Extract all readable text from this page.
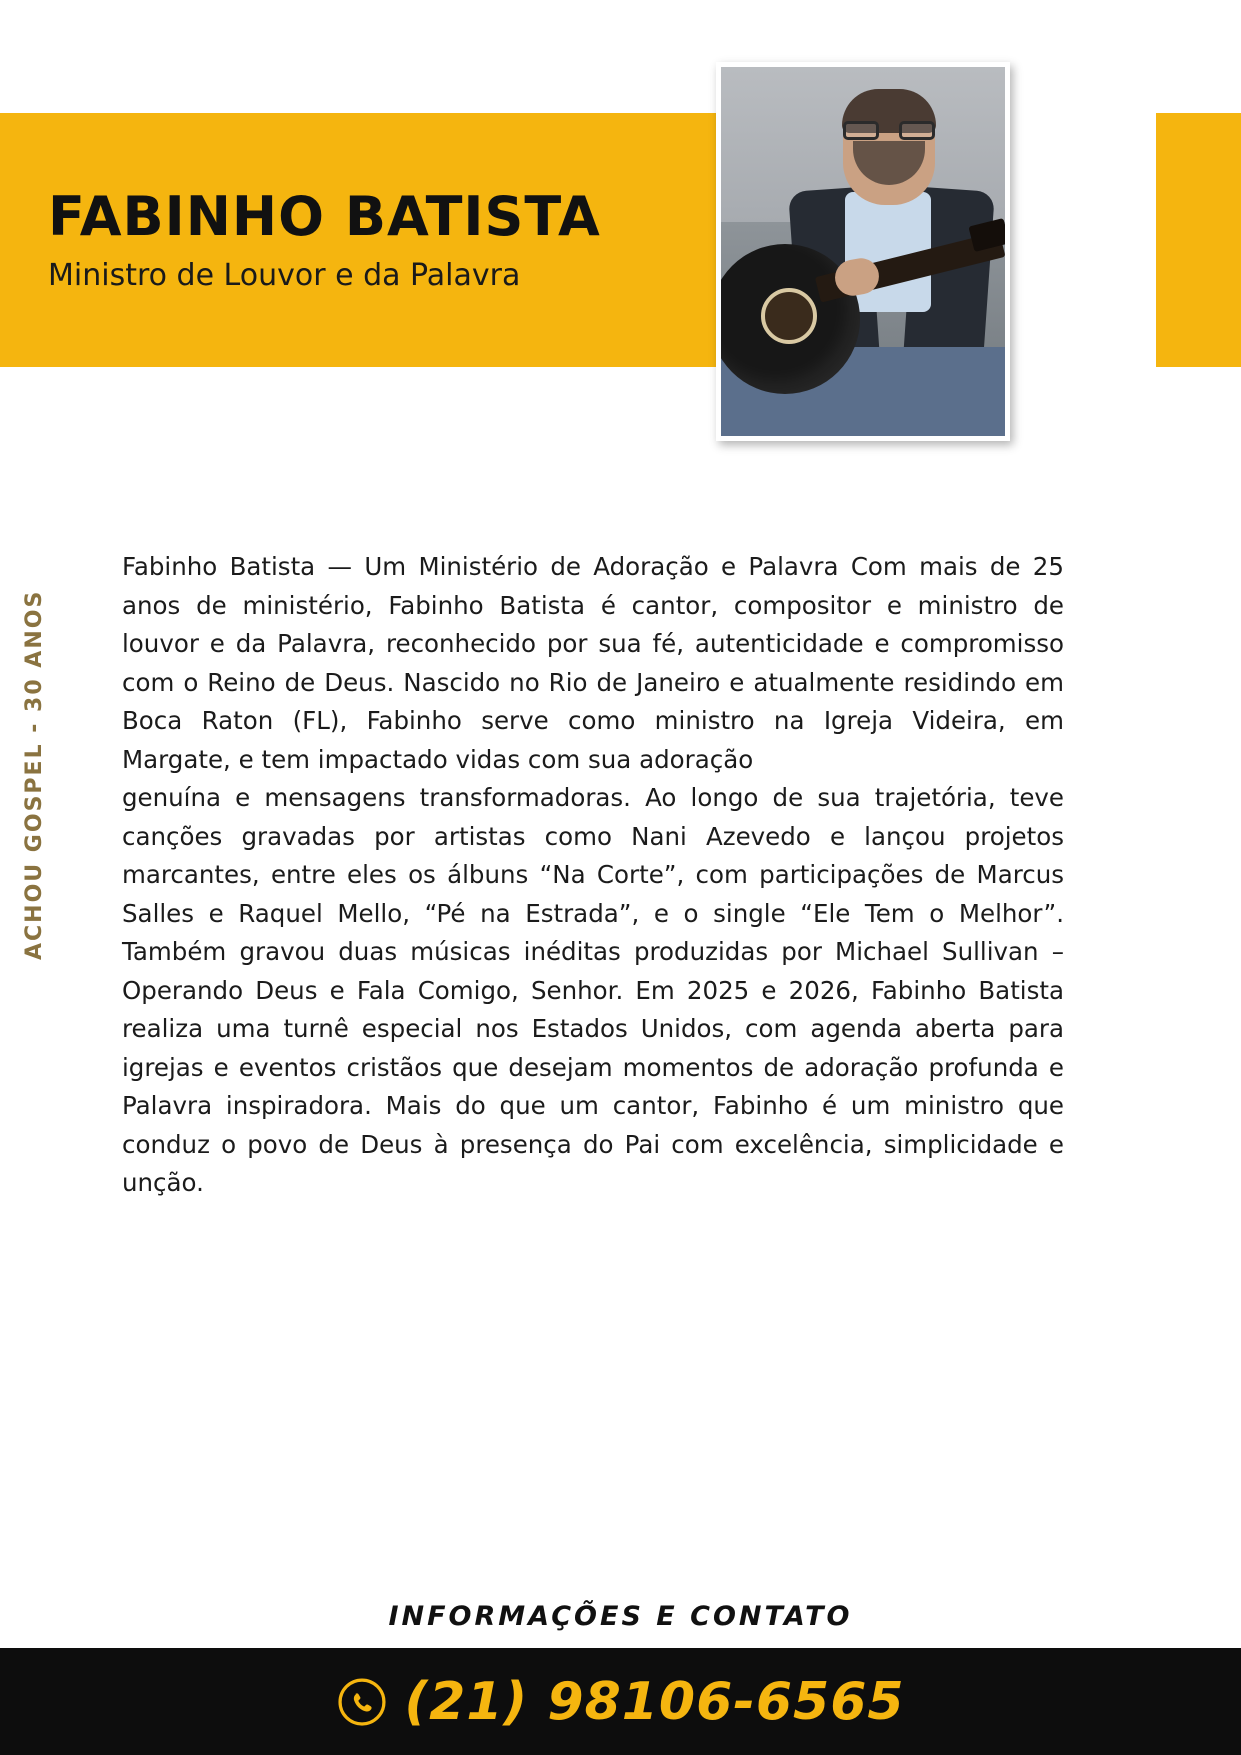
FABINHO BATISTA
Ministro de Louvor e da Palavra
ACHOU GOSPEL - 30 ANOS

Fabinho Batista — Um Ministério de Adoração e Palavra Com mais de 25 anos de ministério, Fabinho Batista é cantor, compositor e ministro de louvor e da Palavra, reconhecido por sua fé, autenticidade e compromisso com o Reino de Deus. Nascido no Rio de Janeiro e atualmente residindo em Boca Raton (FL), Fabinho serve como ministro na Igreja Videira, em Margate, e tem impactado vidas com sua adoração

genuína e mensagens transformadoras. Ao longo de sua trajetória, teve canções gravadas por artistas como Nani Azevedo e lançou projetos marcantes, entre eles os álbuns “Na Corte”, com participações de Marcus Salles e Raquel Mello, “Pé na Estrada”, e o single “Ele Tem o Melhor”. Também gravou duas músicas inéditas produzidas por Michael Sullivan – Operando Deus e Fala Comigo, Senhor. Em 2025 e 2026, Fabinho Batista realiza uma turnê especial nos Estados Unidos, com agenda aberta para igrejas e eventos cristãos que desejam momentos de adoração profunda e Palavra inspiradora. Mais do que um cantor, Fabinho é um ministro que conduz o povo de Deus à presença do Pai com excelência, simplicidade e unção.

INFORMAÇÕES E CONTATO
(21) 98106-6565
